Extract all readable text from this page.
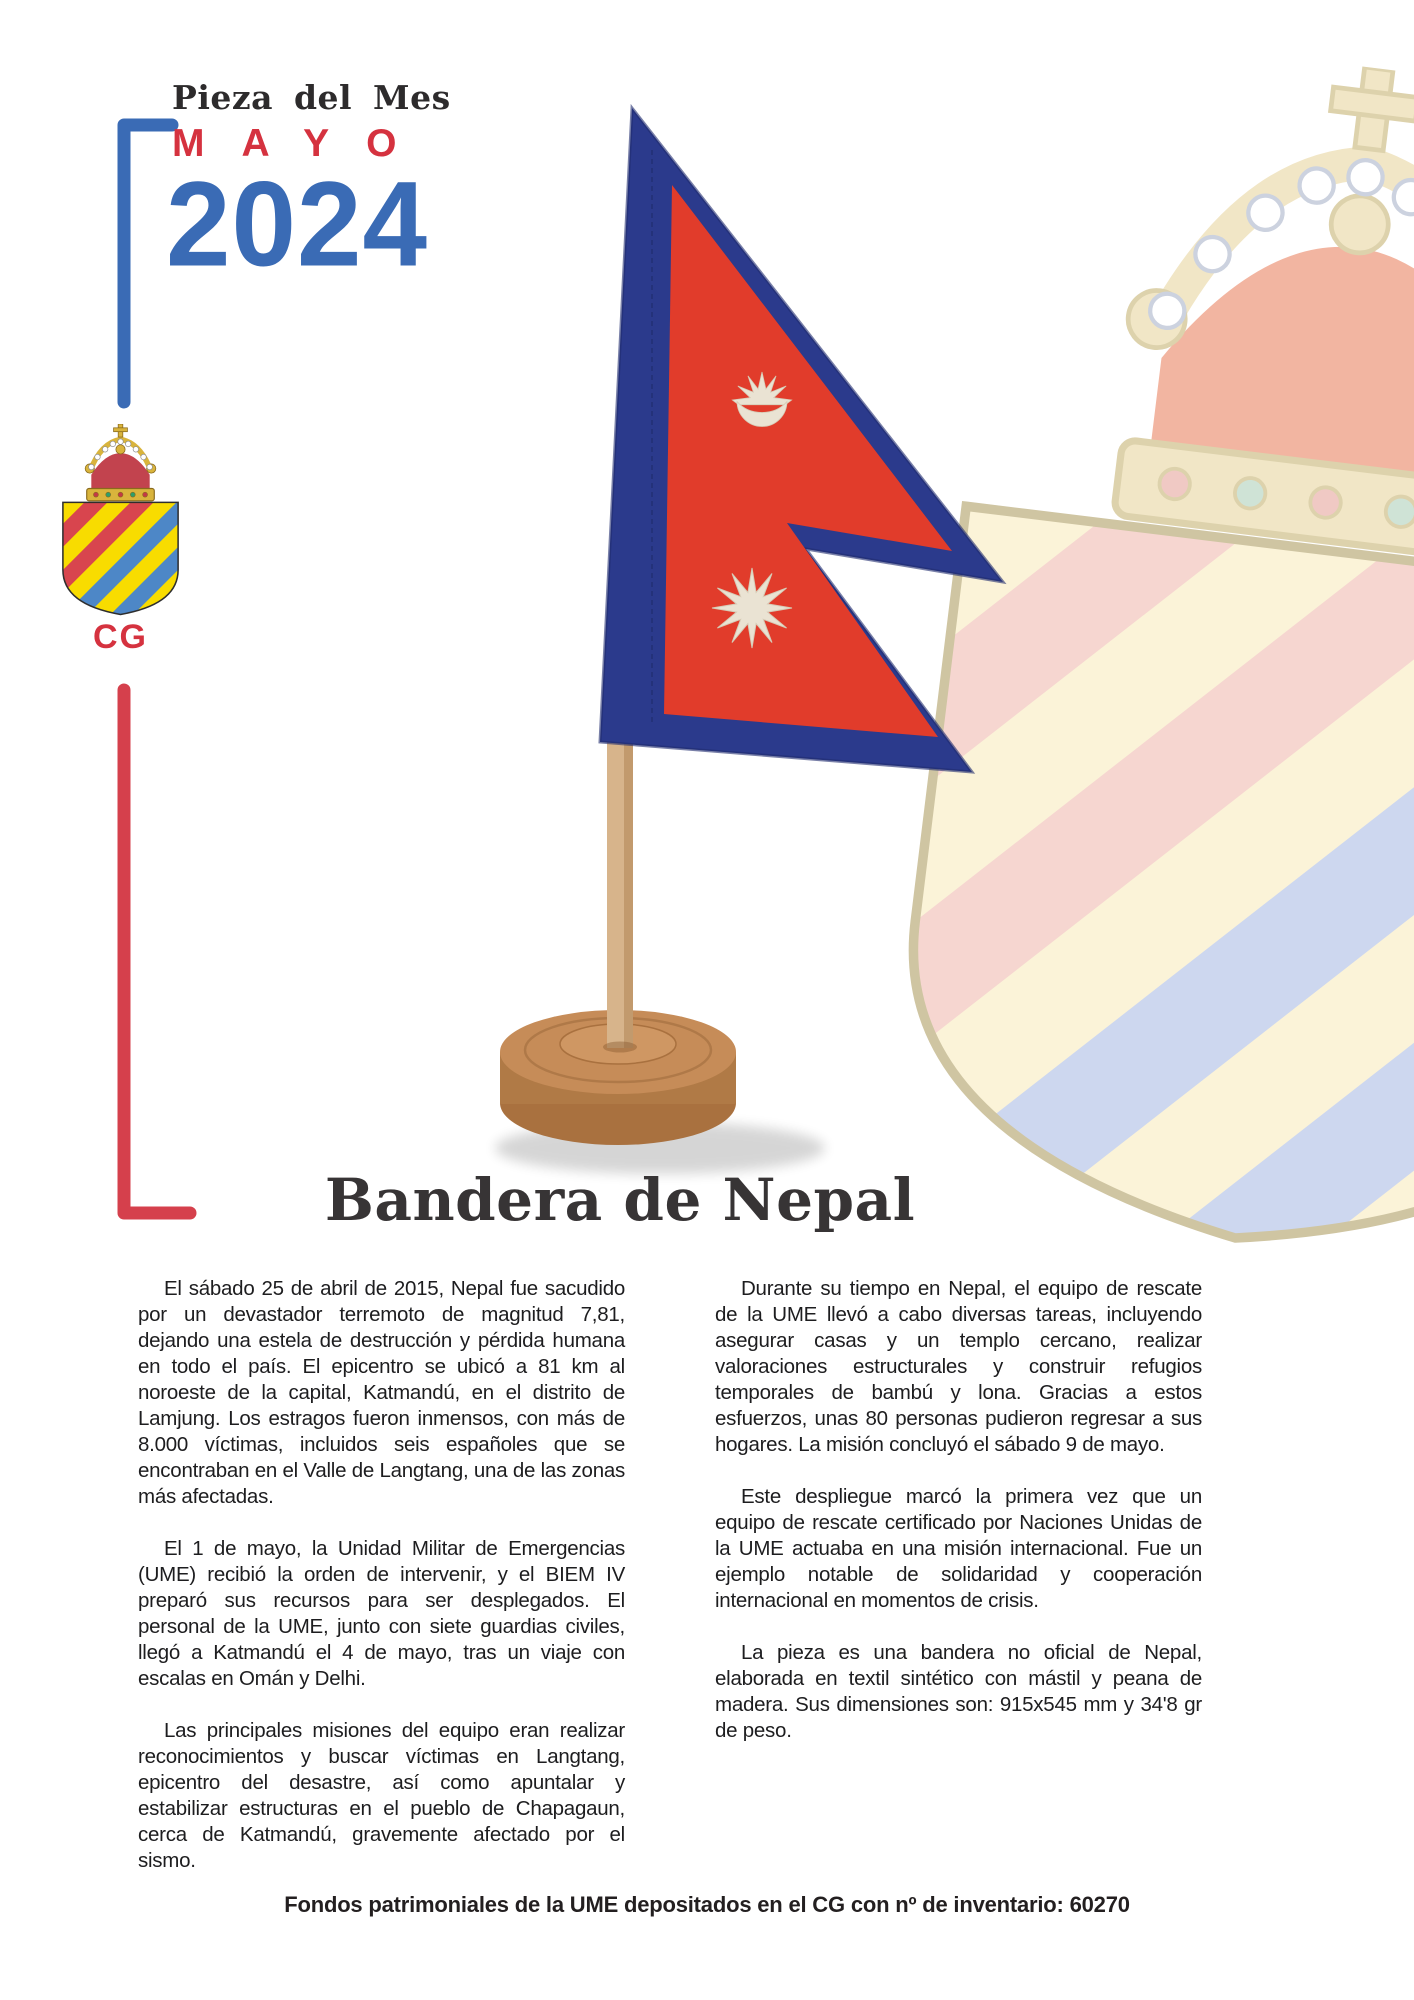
Pieza del Mes
MAYO
2024
CG
Bandera de Nepal

El sábado 25 de abril de 2015, Nepal fue sacudido por un devastador terremoto de magnitud 7,81, dejando una estela de destrucción y pérdida humana en todo el país. El epicentro se ubicó a 81 km al noroeste de la capital, Katmandú, en el distrito de Lamjung. Los estragos fueron inmensos, con más de 8.000 víctimas, incluidos seis españoles que se encontraban en el Valle de Langtang, una de las zonas más afectadas.

El 1 de mayo, la Unidad Militar de Emergencias (UME) recibió la orden de intervenir, y el BIEM IV preparó sus recursos para ser desplegados. El personal de la UME, junto con siete guardias civiles, llegó a Katmandú el 4 de mayo, tras un viaje con escalas en Omán y Delhi.

Las principales misiones del equipo eran realizar reconocimientos y buscar víctimas en Langtang, epicentro del desastre, así como apuntalar y estabilizar estructuras en el pueblo de Chapagaun, cerca de Katmandú, gravemente afectado por el sismo.

Durante su tiempo en Nepal, el equipo de rescate de la UME llevó a cabo diversas tareas, incluyendo asegurar casas y un templo cercano, realizar valoraciones estructurales y construir refugios temporales de bambú y lona. Gracias a estos esfuerzos, unas 80 personas pudieron regresar a sus hogares. La misión concluyó el sábado 9 de mayo.

Este despliegue marcó la primera vez que un equipo de rescate certificado por Naciones Unidas de la UME actuaba en una misión internacional. Fue un ejemplo notable de solidaridad y cooperación internacional en momentos de crisis.

La pieza es una bandera no oficial de Nepal, elaborada en textil sintético con mástil y peana de madera. Sus dimensiones son: 915x545 mm y 34'8 gr de peso.

Fondos patrimoniales de la UME depositados en el CG con nº de inventario: 60270
